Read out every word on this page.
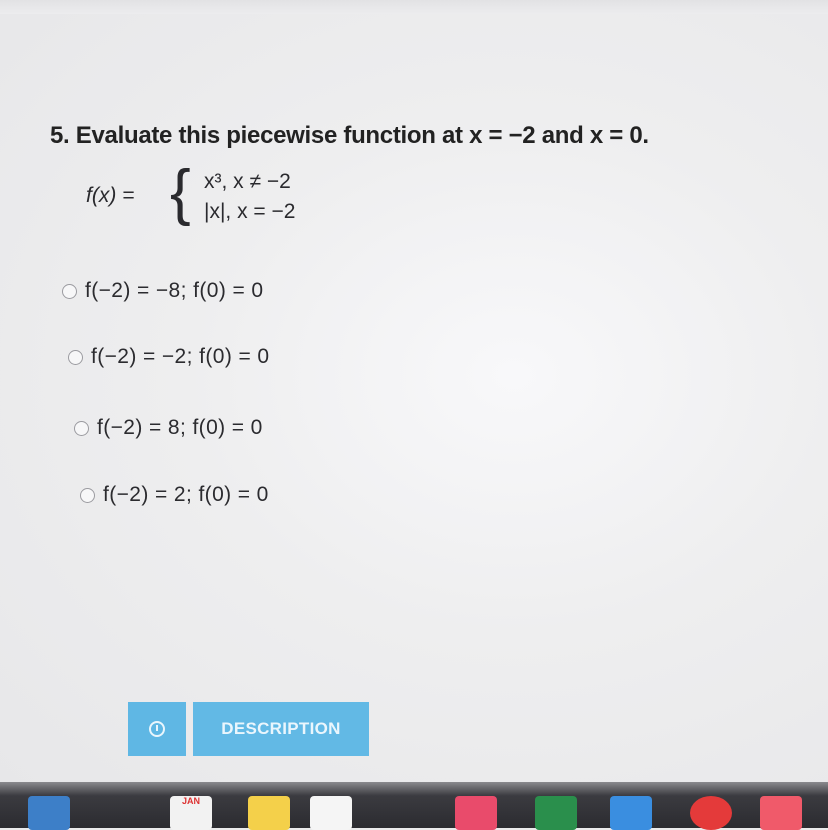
5. Evaluate this piecewise function at x = −2 and x = 0.
f(x) = { x³, x ≠ −2
|x|, x = −2
f(−2) = −8; f(0) = 0
f(−2) = −2; f(0) = 0
f(−2) = 8; f(0) = 0
f(−2) = 2; f(0) = 0
DESCRIPTION
JAN
